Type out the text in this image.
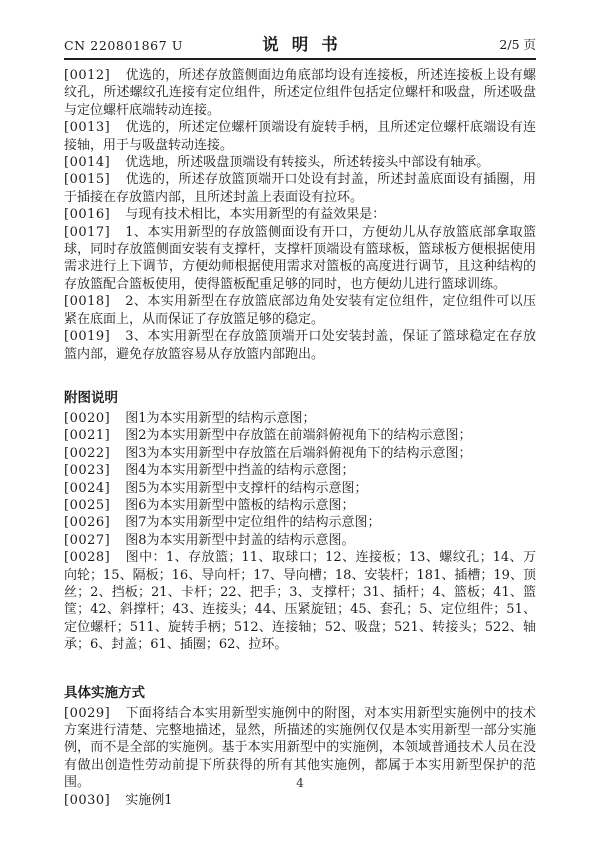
CN 220801867 U	说明书	2/5 页

[0012] 优选的，所述存放篮侧面边角底部均设有连接板，所述连接板上设有螺纹孔，所述螺纹孔连接有定位组件，所述定位组件包括定位螺杆和吸盘，所述吸盘与定位螺杆底端转动连接。

[0013] 优选的，所述定位螺杆顶端设有旋转手柄，且所述定位螺杆底端设有连接轴，用于与吸盘转动连接。

[0014] 优选地，所述吸盘顶端设有转接头，所述转接头中部设有轴承。

[0015] 优选的，所述存放篮顶端开口处设有封盖，所述封盖底面设有插圈，用于插接在存放篮内部，且所述封盖上表面设有拉环。

[0016] 与现有技术相比，本实用新型的有益效果是：

[0017] 1、本实用新型的存放篮侧面设有开口，方便幼儿从存放篮底部拿取篮球，同时存放篮侧面安装有支撑杆，支撑杆顶端设有篮球板，篮球板方便根据使用需求进行上下调节，方便幼师根据使用需求对篮板的高度进行调节，且这种结构的存放篮配合篮板使用，使得篮板配重足够的同时，也方便幼儿进行篮球训练。

[0018] 2、本实用新型在存放篮底部边角处安装有定位组件，定位组件可以压紧在底面上，从而保证了存放篮足够的稳定。

[0019] 3、本实用新型在存放篮顶端开口处安装封盖，保证了篮球稳定在存放篮内部，避免存放篮容易从存放篮内部跑出。

附图说明

[0020] 图1为本实用新型的结构示意图；

[0021] 图2为本实用新型中存放篮在前端斜俯视角下的结构示意图；

[0022] 图3为本实用新型中存放篮在后端斜俯视角下的结构示意图；

[0023] 图4为本实用新型中挡盖的结构示意图；

[0024] 图5为本实用新型中支撑杆的结构示意图；

[0025] 图6为本实用新型中篮板的结构示意图；

[0026] 图7为本实用新型中定位组件的结构示意图；

[0027] 图8为本实用新型中封盖的结构示意图。

[0028] 图中：1、存放篮；11、取球口；12、连接板；13、螺纹孔；14、万向轮；15、隔板；16、导向杆；17、导向槽；18、安装杆；181、插槽；19、顶丝；2、挡板；21、卡杆；22、把手；3、支撑杆；31、插杆；4、篮板；41、篮筐；42、斜撑杆；43、连接头；44、压紧旋钮；45、套孔；5、定位组件；51、定位螺杆；511、旋转手柄；512、连接轴；52、吸盘；521、转接头；522、轴承；6、封盖；61、插圈；62、拉环。

具体实施方式

[0029] 下面将结合本实用新型实施例中的附图，对本实用新型实施例中的技术方案进行清楚、完整地描述，显然，所描述的实施例仅仅是本实用新型一部分实施例，而不是全部的实施例。基于本实用新型中的实施例，本领域普通技术人员在没有做出创造性劳动前提下所获得的所有其他实施例，都属于本实用新型保护的范围。

[0030] 实施例1

4
